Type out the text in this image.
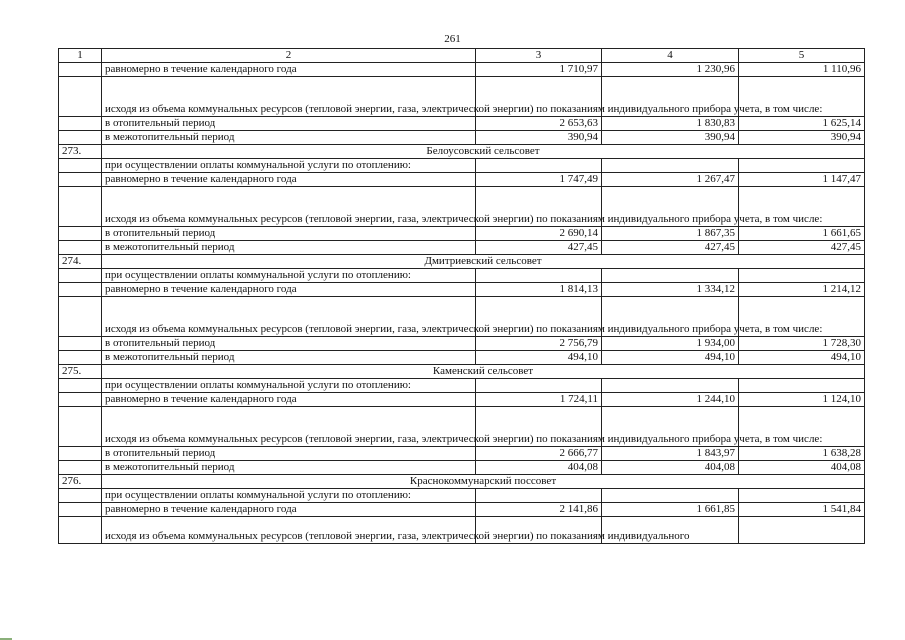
261
1	2	3	4	5
	равномерно в течение календарного года	1 710,97	1 230,96	1 110,96
	исходя из объема коммунальных ресурсов (тепловой энергии, газа, электрической энергии) по показаниям индивидуального прибора учета, в том числе:			
	в отопительный период	2 653,63	1 830,83	1 625,14
	в межотопительный период	390,94	390,94	390,94
273.	Белоусовский сельсовет			
	при осуществлении оплаты коммунальной услуги по отоплению:			
	равномерно в течение календарного года	1 747,49	1 267,47	1 147,47
	исходя из объема коммунальных ресурсов (тепловой энергии, газа, электрической энергии) по показаниям индивидуального прибора учета, в том числе:			
	в отопительный период	2 690,14	1 867,35	1 661,65
	в межотопительный период	427,45	427,45	427,45
274.	Дмитриевский сельсовет			
	при осуществлении оплаты коммунальной услуги по отоплению:			
	равномерно в течение календарного года	1 814,13	1 334,12	1 214,12
	исходя из объема коммунальных ресурсов (тепловой энергии, газа, электрической энергии) по показаниям индивидуального прибора учета, в том числе:			
	в отопительный период	2 756,79	1 934,00	1 728,30
	в межотопительный период	494,10	494,10	494,10
275.	Каменский сельсовет			
	при осуществлении оплаты коммунальной услуги по отоплению:			
	равномерно в течение календарного года	1 724,11	1 244,10	1 124,10
	исходя из объема коммунальных ресурсов (тепловой энергии, газа, электрической энергии) по показаниям индивидуального прибора учета, в том числе:			
	в отопительный период	2 666,77	1 843,97	1 638,28
	в межотопительный период	404,08	404,08	404,08
276.	Краснокоммунарский поссовет			
	при осуществлении оплаты коммунальной услуги по отоплению:			
	равномерно в течение календарного года	2 141,86	1 661,85	1 541,84
	исходя из объема коммунальных ресурсов (тепловой энергии, газа, электрической энергии) по показаниям индивидуального			
